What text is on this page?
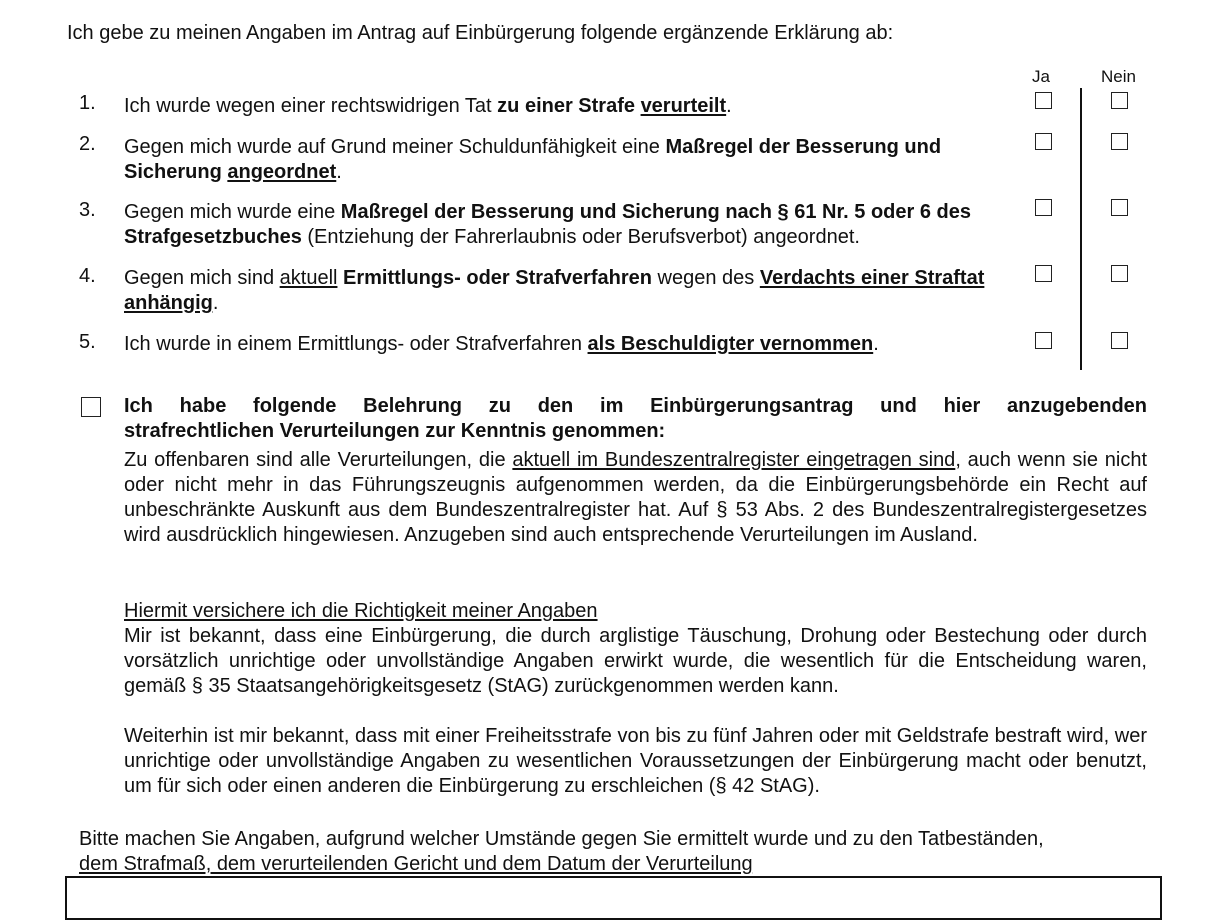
Ich gebe zu meinen Angaben im Antrag auf Einbürgerung folgende ergänzende Erklärung ab:
Ja	Nein
1. Ich wurde wegen einer rechtswidrigen Tat zu einer Strafe verurteilt.
2. Gegen mich wurde auf Grund meiner Schuldunfähigkeit eine Maßregel der Besserung und Sicherung angeordnet.
3. Gegen mich wurde eine Maßregel der Besserung und Sicherung nach § 61 Nr. 5 oder 6 des Strafgesetzbuches (Entziehung der Fahrerlaubnis oder Berufsverbot) angeordnet.
4. Gegen mich sind aktuell Ermittlungs- oder Strafverfahren wegen des Verdachts einer Straftat anhängig.
5. Ich wurde in einem Ermittlungs- oder Strafverfahren als Beschuldigter vernommen.
Ich habe folgende Belehrung zu den im Einbürgerungsantrag und hier anzugebenden
strafrechtlichen Verurteilungen zur Kenntnis genommen:

Zu offenbaren sind alle Verurteilungen, die aktuell im Bundeszentralregister eingetragen sind, auch wenn sie nicht oder nicht mehr in das Führungszeugnis aufgenommen werden, da die Einbürgerungsbehörde ein Recht auf unbeschränkte Auskunft aus dem Bundeszentralregister hat. Auf § 53 Abs. 2 des Bundeszentralregistergesetzes wird ausdrücklich hingewiesen. Anzugeben sind auch entsprechende Verurteilungen im Ausland.

Hiermit versichere ich die Richtigkeit meiner Angaben
Mir ist bekannt, dass eine Einbürgerung, die durch arglistige Täuschung, Drohung oder Bestechung oder durch vorsätzlich unrichtige oder unvollständige Angaben erwirkt wurde, die wesentlich für die Entscheidung waren, gemäß § 35 Staatsangehörigkeitsgesetz (StAG) zurückgenommen werden kann.
Weiterhin ist mir bekannt, dass mit einer Freiheitsstrafe von bis zu fünf Jahren oder mit Geldstrafe bestraft wird, wer unrichtige oder unvollständige Angaben zu wesentlichen Voraussetzungen der Einbürgerung macht oder benutzt, um für sich oder einen anderen die Einbürgerung zu erschleichen (§ 42 StAG).
Bitte machen Sie Angaben, aufgrund welcher Umstände gegen Sie ermittelt wurde und zu den Tatbeständen,
dem Strafmaß, dem verurteilenden Gericht und dem Datum der Verurteilung
